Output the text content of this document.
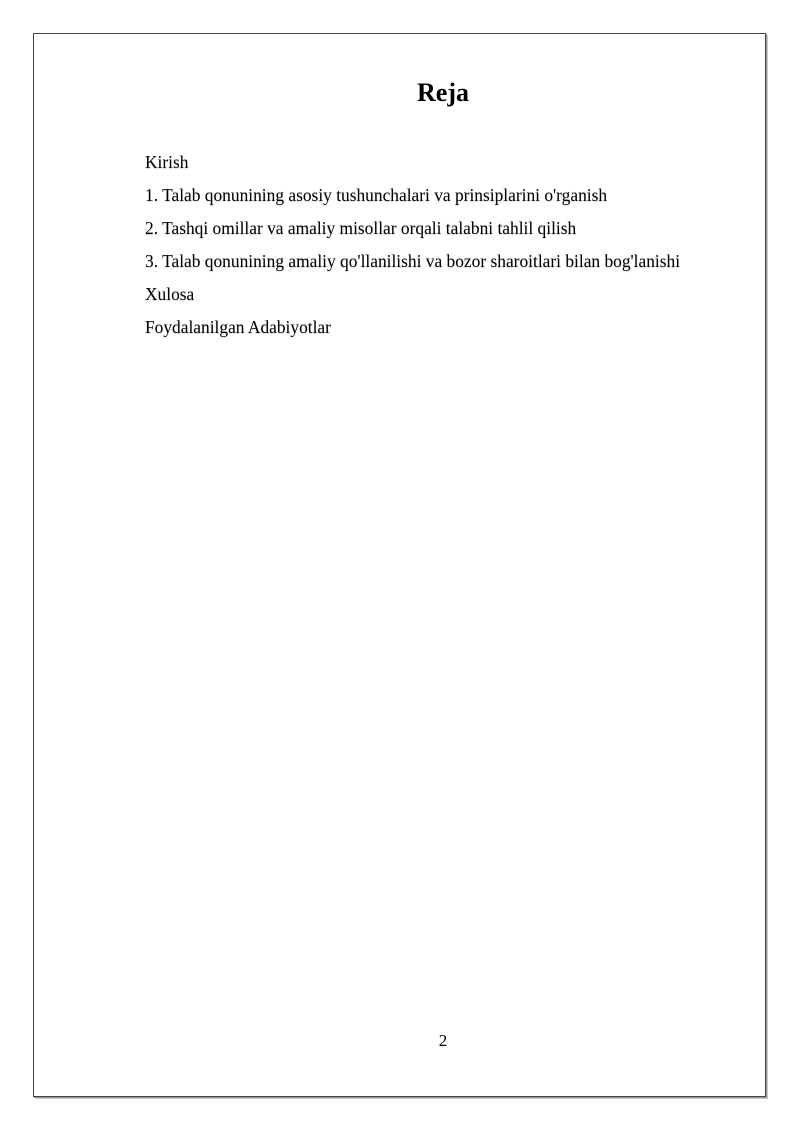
Reja
Kirish
1. Talab qonunining asosiy tushunchalari va prinsiplarini o'rganish
2. Tashqi omillar va amaliy misollar orqali talabni tahlil qilish
3. Talab qonunining amaliy qo'llanilishi va bozor sharoitlari bilan bog'lanishi
Xulosa
Foydalanilgan Adabiyotlar
2
